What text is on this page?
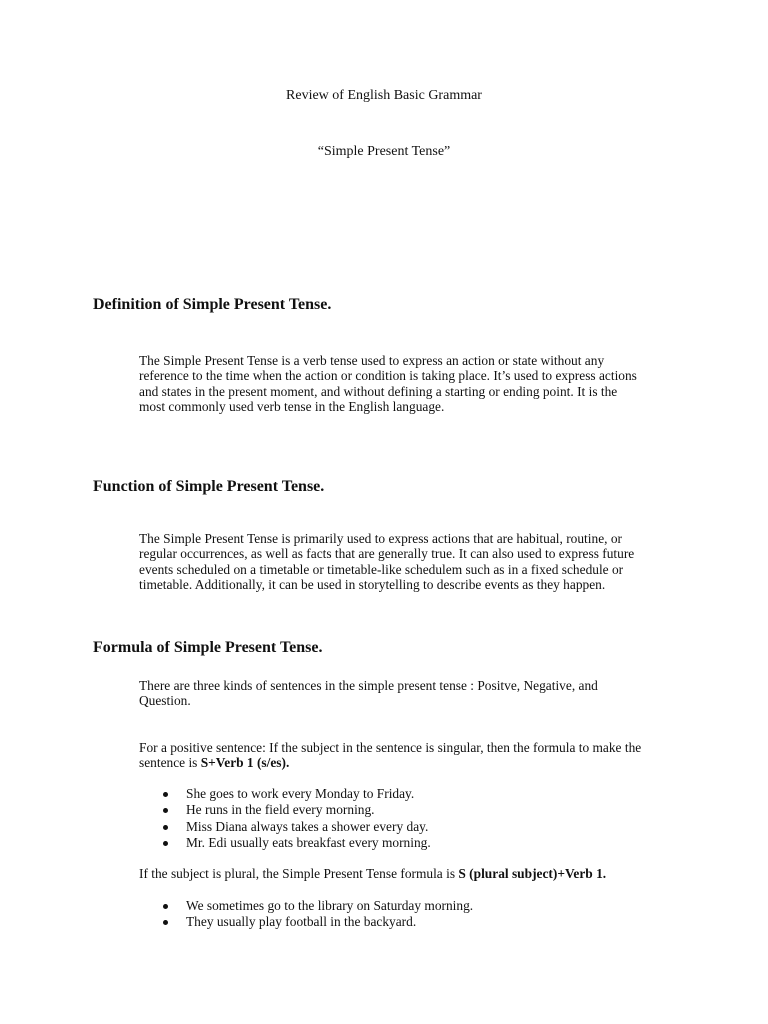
Review of English Basic Grammar
“Simple Present Tense”
Definition of Simple Present Tense.
The Simple Present Tense is a verb tense used to express an action or state without any
reference to the time when the action or condition is taking place. It’s used to express actions
and states in the present moment, and without defining a starting or ending point. It is the
most commonly used verb tense in the English language.
Function of Simple Present Tense.
The Simple Present Tense is primarily used to express actions that are habitual, routine, or
regular occurrences, as well as facts that are generally true. It can also used to express future
events scheduled on a timetable or timetable-like schedulem such as in a fixed schedule or
timetable. Additionally, it can be used in storytelling to describe events as they happen.
Formula of Simple Present Tense.
There are three kinds of sentences in the simple present tense : Positve, Negative, and
Question.
For a positive sentence: If the subject in the sentence is singular, then the formula to make the
sentence is S+Verb 1 (s/es).
She goes to work every Monday to Friday.
He runs in the field every morning.
Miss Diana always takes a shower every day.
Mr. Edi usually eats breakfast every morning.
If the subject is plural, the Simple Present Tense formula is S (plural subject)+Verb 1.
We sometimes go to the library on Saturday morning.
They usually play football in the backyard.
